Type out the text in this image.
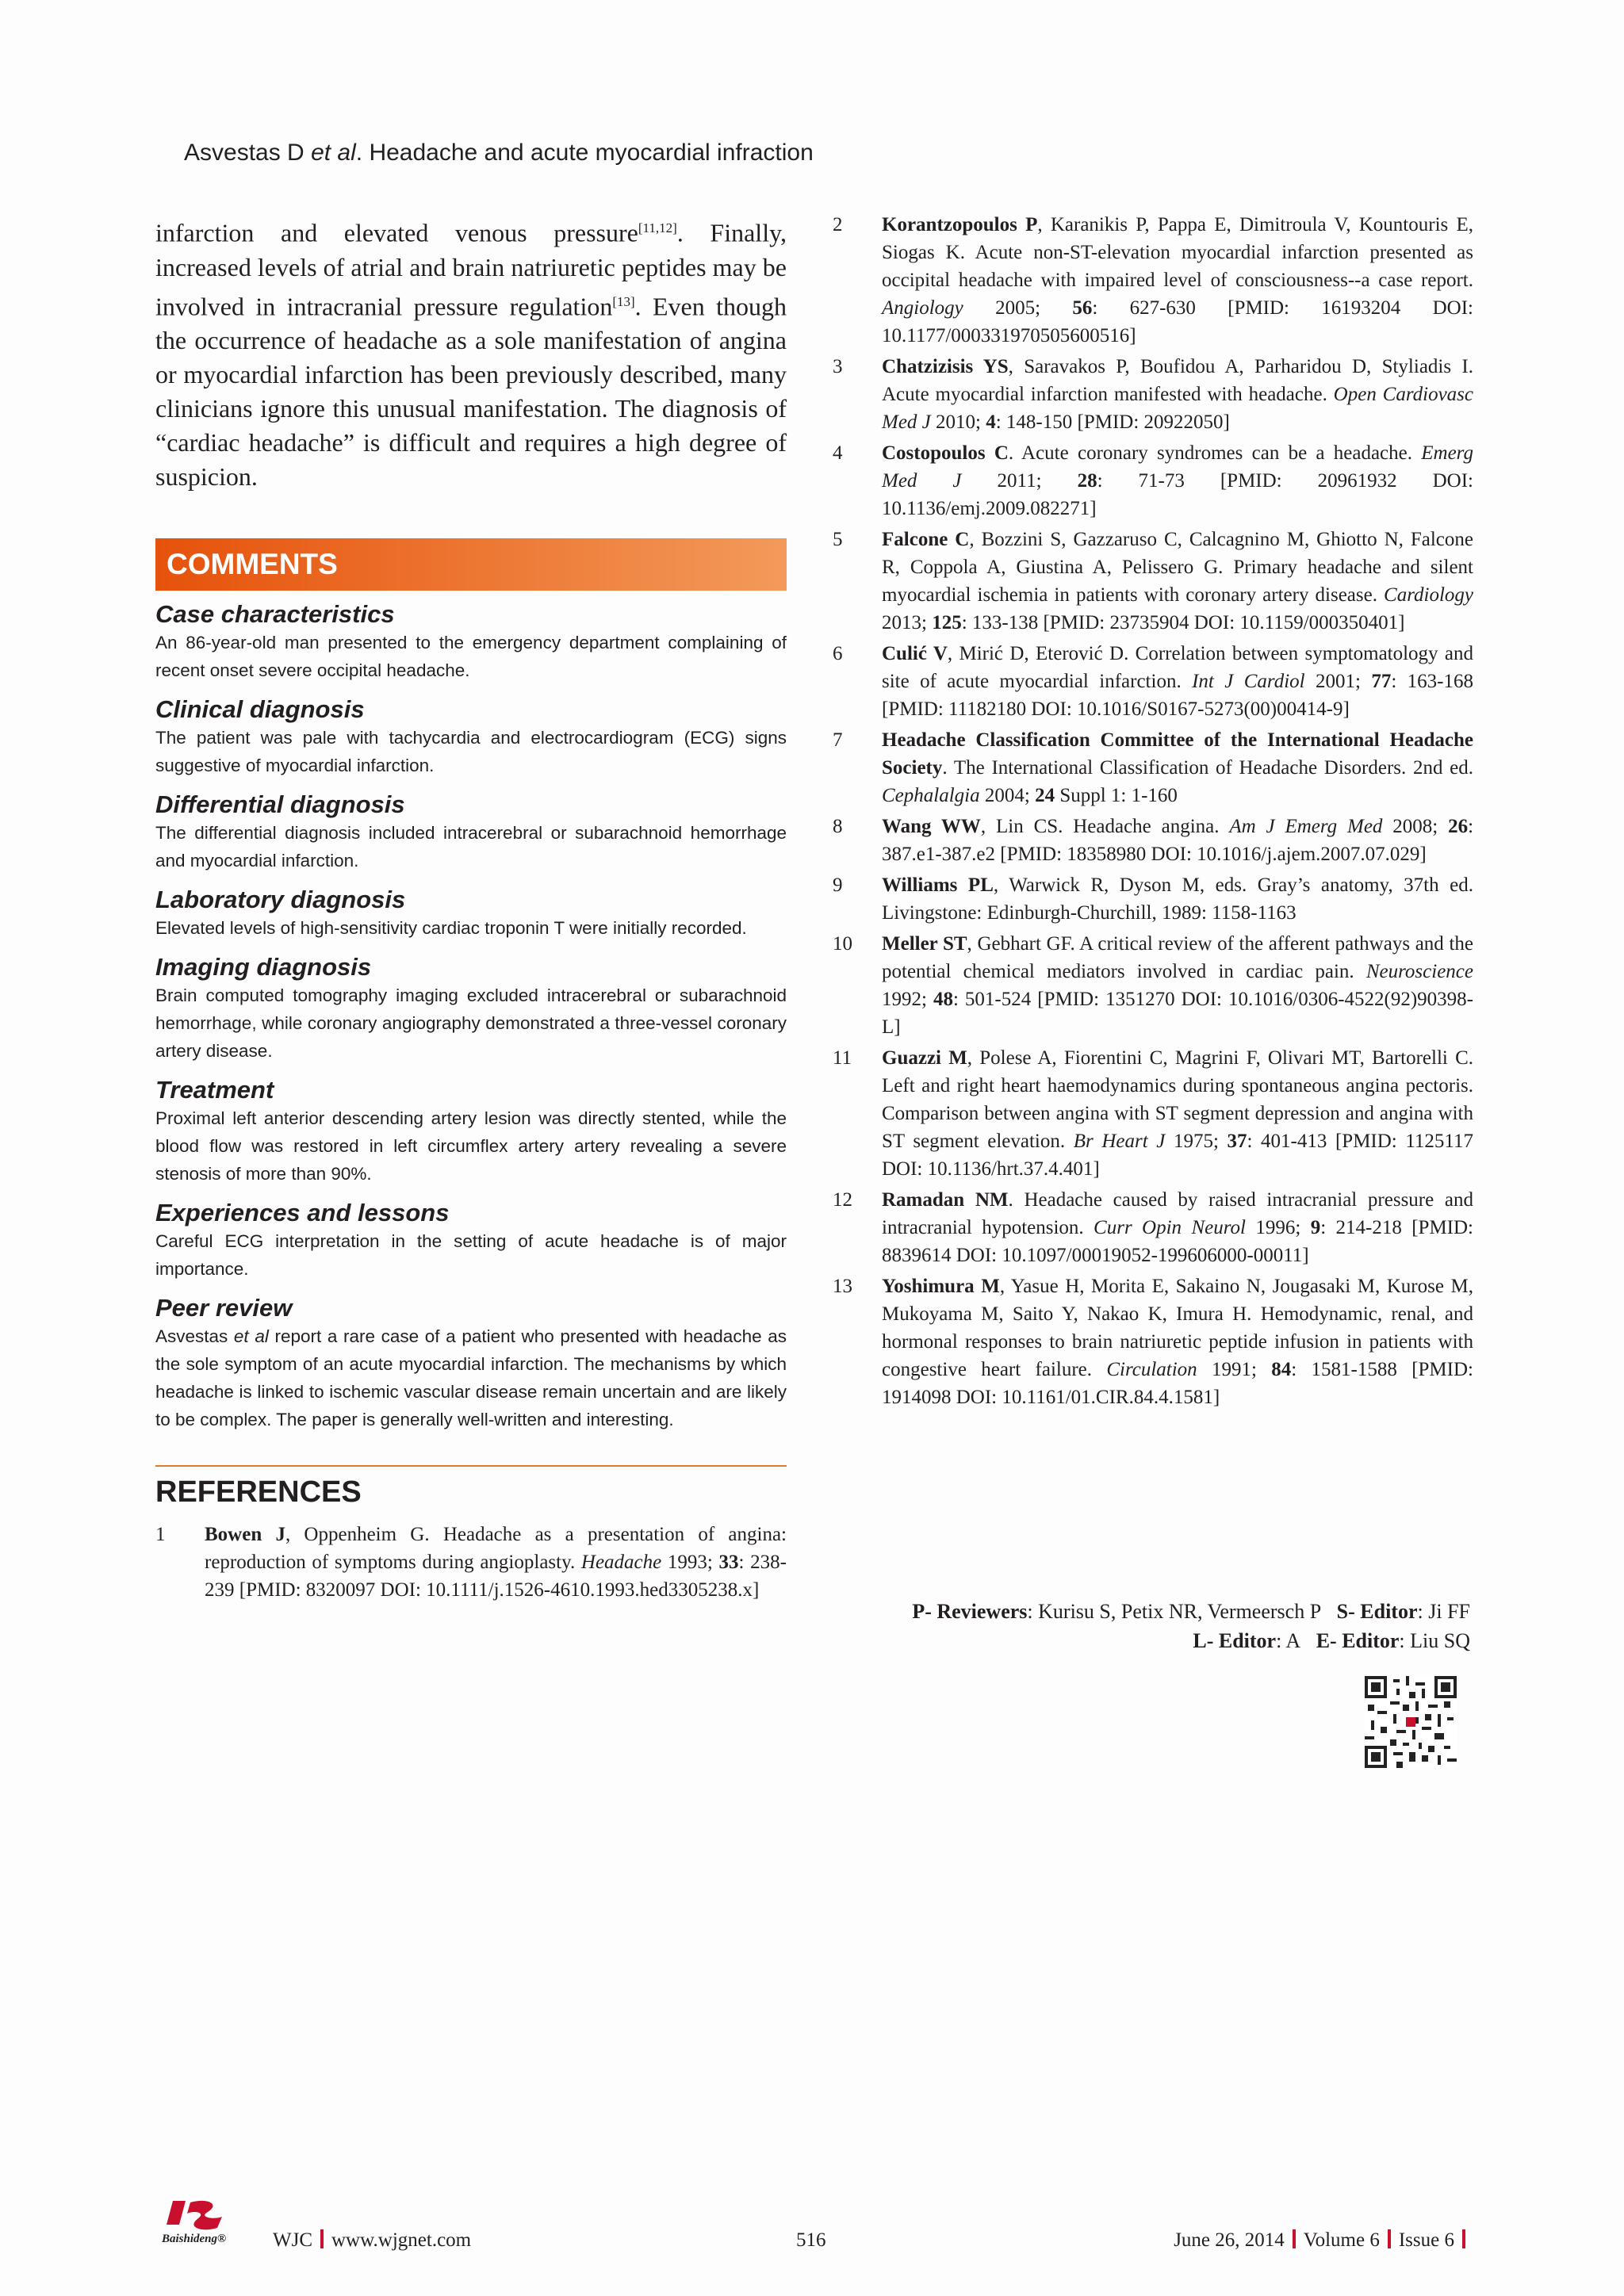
Asvestas D et al. Headache and acute myocardial infraction

infarction and elevated venous pressure[11,12]. Finally, increased levels of atrial and brain natriuretic peptides may be involved in intracranial pressure regulation[13]. Even though the occurrence of headache as a sole manifestation of angina or myocardial infarction has been previously described, many clinicians ignore this unusual manifestation. The diagnosis of “cardiac headache” is difficult and requires a high degree of suspicion.

COMMENTS
Case characteristics

An 86-year-old man presented to the emergency department complaining of recent onset severe occipital headache.

Clinical diagnosis

The patient was pale with tachycardia and electrocardiogram (ECG) signs suggestive of myocardial infarction.

Differential diagnosis

The differential diagnosis included intracerebral or subarachnoid hemorrhage and myocardial infarction.

Laboratory diagnosis

Elevated levels of high-sensitivity cardiac troponin T were initially recorded.

Imaging diagnosis

Brain computed tomography imaging excluded intracerebral or subarachnoid hemorrhage, while coronary angiography demonstrated a three-vessel coronary artery disease.

Treatment

Proximal left anterior descending artery lesion was directly stented, while the blood flow was restored in left circumflex artery artery revealing a severe stenosis of more than 90%.

Experiences and lessons

Careful ECG interpretation in the setting of acute headache is of major importance.

Peer review

Asvestas et al report a rare case of a patient who presented with headache as the sole symptom of an acute myocardial infarction. The mechanisms by which headache is linked to ischemic vascular disease remain uncertain and are likely to be complex. The paper is generally well-written and interesting.

REFERENCES
1	Bowen J, Oppenheim G. Headache as a presentation of angina: reproduction of symptoms during angioplasty. Headache 1993; 33: 238-239 [PMID: 8320097 DOI: 10.1111/j.1526-4610.1993.hed3305238.x]
2	Korantzopoulos P, Karanikis P, Pappa E, Dimitroula V, Kountouris E, Siogas K. Acute non-ST-elevation myocardial infarction presented as occipital headache with impaired level of consciousness--a case report. Angiology 2005; 56: 627-630 [PMID: 16193204 DOI: 10.1177/000331970505600516]
3	Chatzizisis YS, Saravakos P, Boufidou A, Parharidou D, Styliadis I. Acute myocardial infarction manifested with headache. Open Cardiovasc Med J 2010; 4: 148-150 [PMID: 20922050]
4	Costopoulos C. Acute coronary syndromes can be a headache. Emerg Med J 2011; 28: 71-73 [PMID: 20961932 DOI: 10.1136/emj.2009.082271]
5	Falcone C, Bozzini S, Gazzaruso C, Calcagnino M, Ghiotto N, Falcone R, Coppola A, Giustina A, Pelissero G. Primary headache and silent myocardial ischemia in patients with coronary artery disease. Cardiology 2013; 125: 133-138 [PMID: 23735904 DOI: 10.1159/000350401]
6	Culić V, Mirić D, Eterović D. Correlation between symptomatology and site of acute myocardial infarction. Int J Cardiol 2001; 77: 163-168 [PMID: 11182180 DOI: 10.1016/S0167-5273(00)00414-9]
7	Headache Classification Committee of the International Headache Society. The International Classification of Headache Disorders. 2nd ed. Cephalalgia 2004; 24 Suppl 1: 1-160
8	Wang WW, Lin CS. Headache angina. Am J Emerg Med 2008; 26: 387.e1-387.e2 [PMID: 18358980 DOI: 10.1016/j.ajem.2007.07.029]
9	Williams PL, Warwick R, Dyson M, eds. Gray’s anatomy, 37th ed. Livingstone: Edinburgh-Churchill, 1989: 1158-1163
10	Meller ST, Gebhart GF. A critical review of the afferent pathways and the potential chemical mediators involved in cardiac pain. Neuroscience 1992; 48: 501-524 [PMID: 1351270 DOI: 10.1016/0306-4522(92)90398-L]
11	Guazzi M, Polese A, Fiorentini C, Magrini F, Olivari MT, Bartorelli C. Left and right heart haemodynamics during spontaneous angina pectoris. Comparison between angina with ST segment depression and angina with ST segment elevation. Br Heart J 1975; 37: 401-413 [PMID: 1125117 DOI: 10.1136/hrt.37.4.401]
12	Ramadan NM. Headache caused by raised intracranial pressure and intracranial hypotension. Curr Opin Neurol 1996; 9: 214-218 [PMID: 8839614 DOI: 10.1097/00019052-199606000-00011]
13	Yoshimura M, Yasue H, Morita E, Sakaino N, Jougasaki M, Kurose M, Mukoyama M, Saito Y, Nakao K, Imura H. Hemodynamic, renal, and hormonal responses to brain natriuretic peptide infusion in patients with congestive heart failure. Circulation 1991; 84: 1581-1588 [PMID: 1914098 DOI: 10.1161/01.CIR.84.4.1581]
P- Reviewers: Kurisu S, Petix NR, Vermeersch P S- Editor: Ji FF
L- Editor: A E- Editor: Liu SQ
WJC www.wjgnet.com	516	June 26, 2014 Volume 6 Issue 6
Baishideng®
